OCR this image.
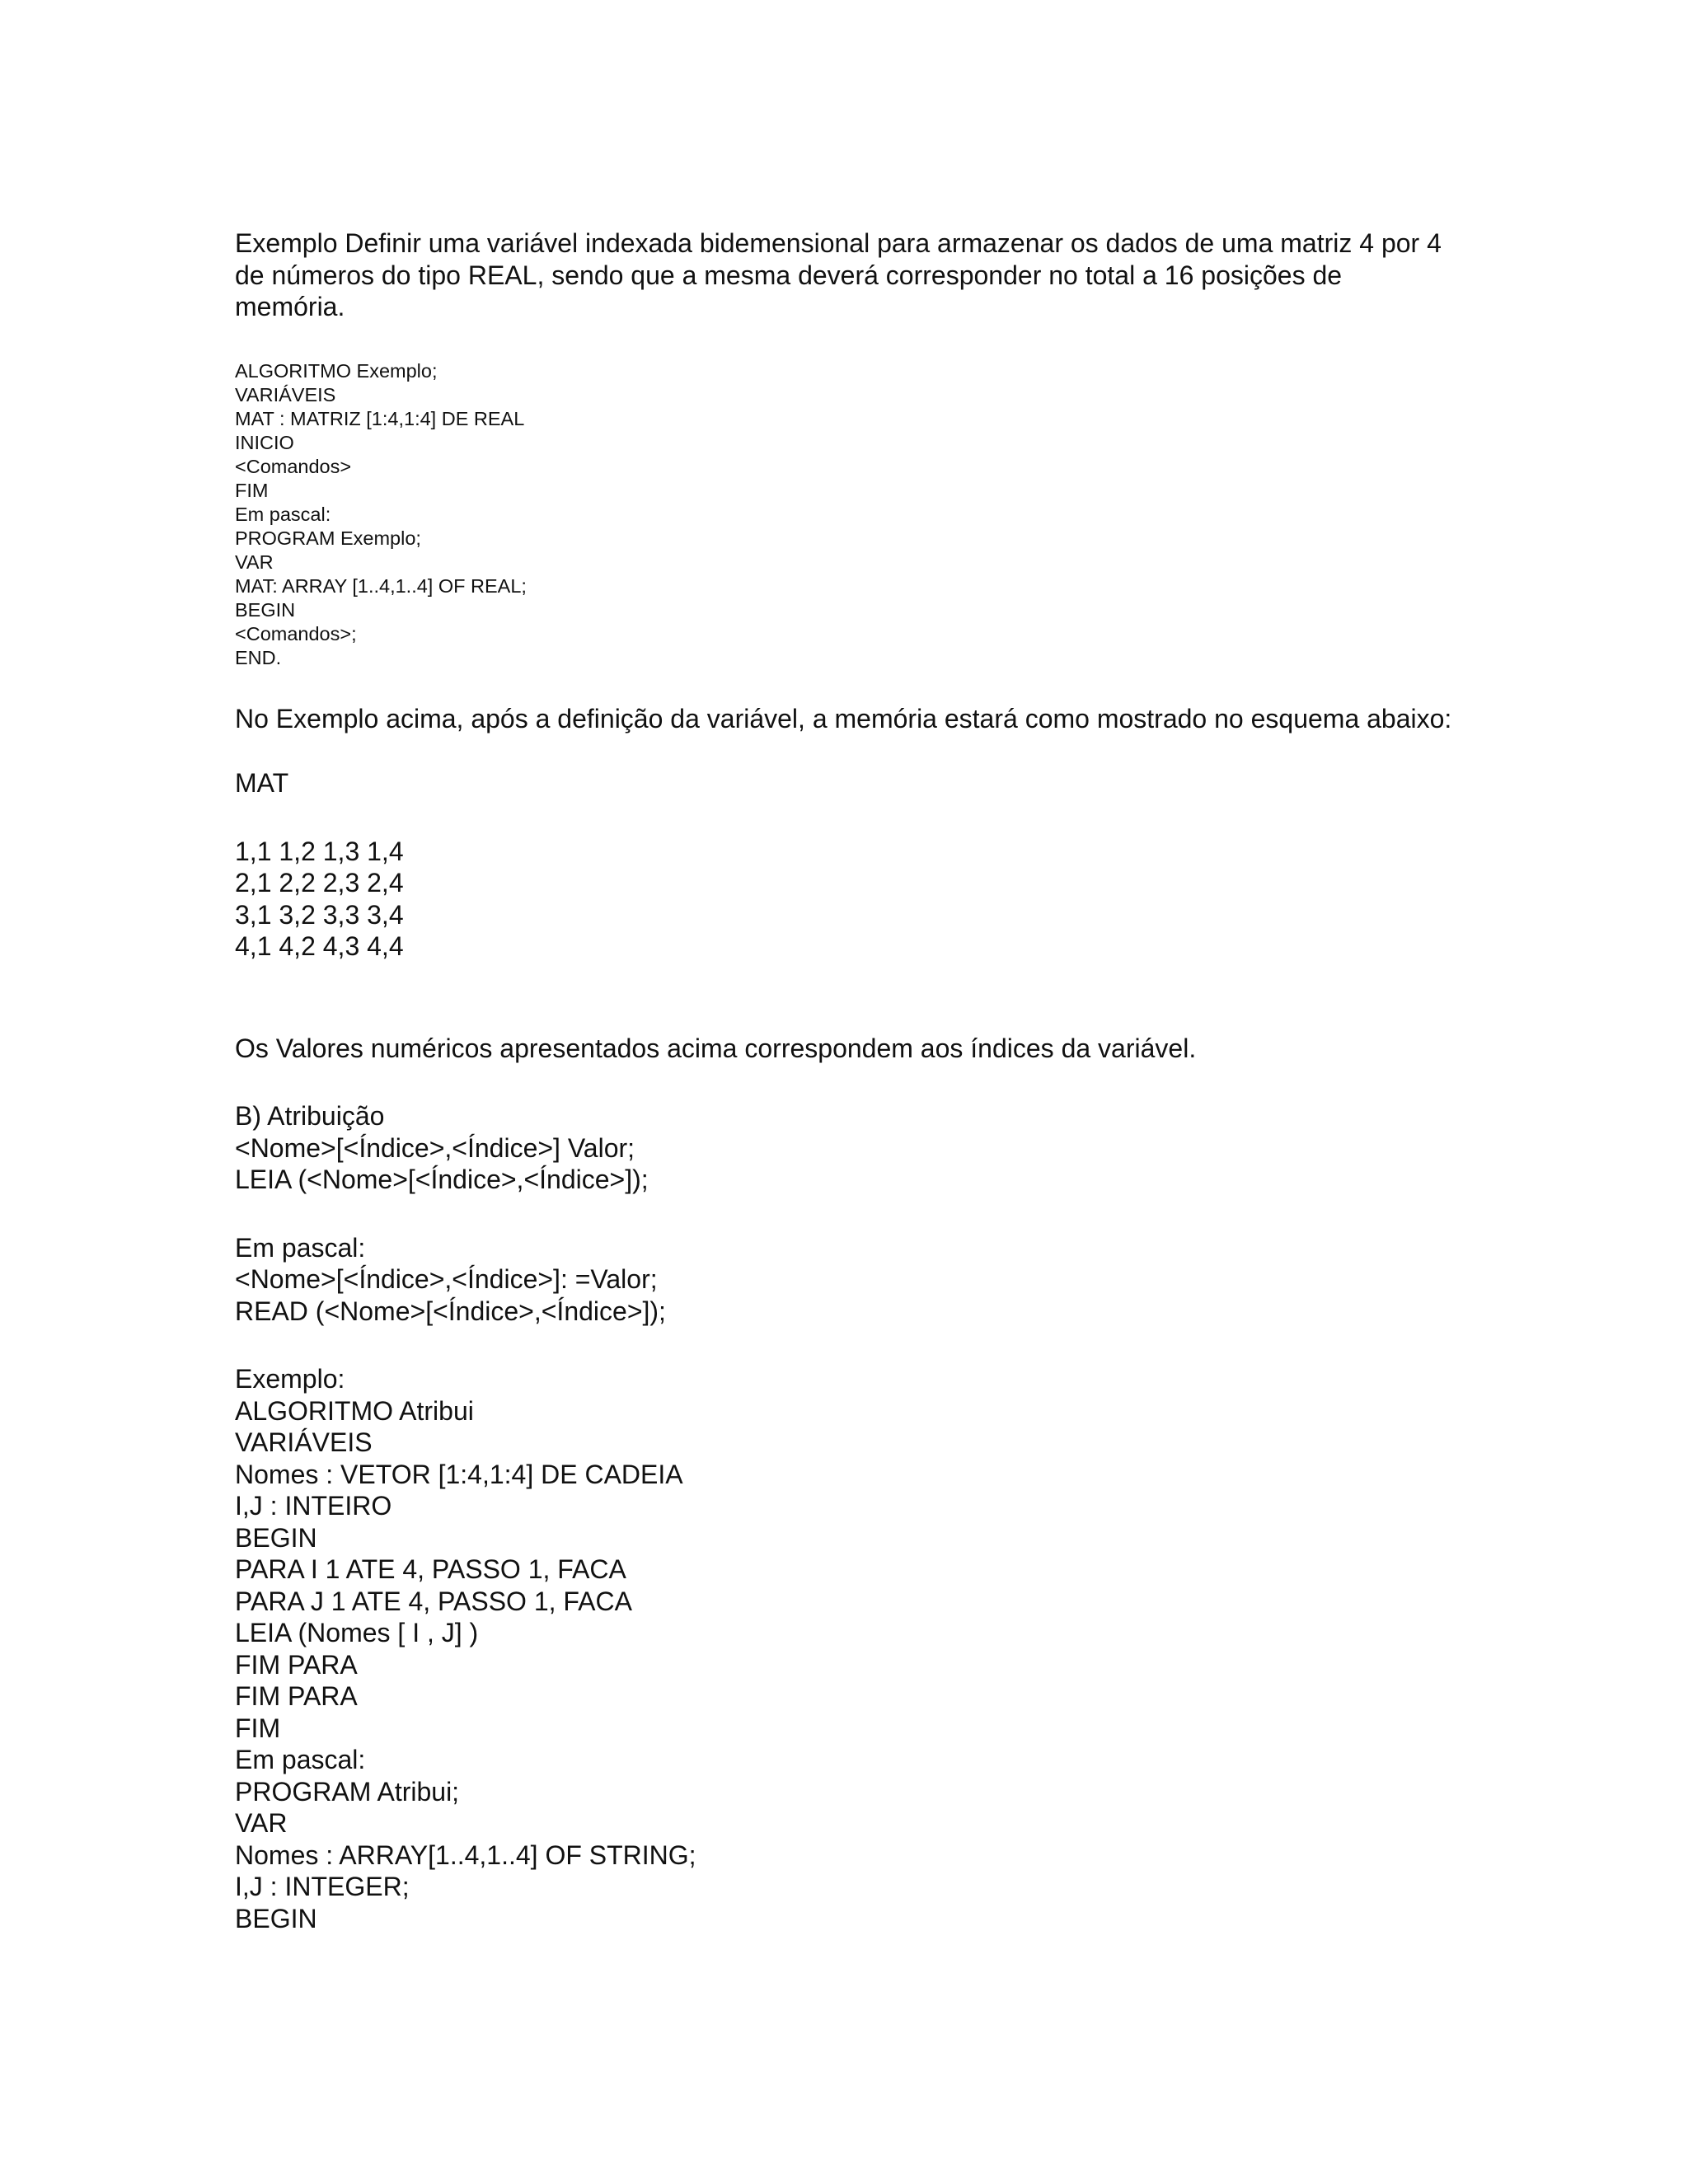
Exemplo Definir uma variável indexada bidemensional para armazenar os dados de uma matriz 4 por 4 de números do tipo REAL, sendo que a mesma deverá corresponder no total a 16 posições de memória.

ALGORITMO Exemplo;
VARIÁVEIS
MAT : MATRIZ [1:4,1:4] DE REAL
INICIO
<Comandos>
FIM
Em pascal:
PROGRAM Exemplo;
VAR
MAT: ARRAY [1..4,1..4] OF REAL;
BEGIN
<Comandos>;
END.

No Exemplo acima, após a definição da variável, a memória estará como mostrado no esquema abaixo:

MAT
1,1 1,2 1,3 1,4
2,1 2,2 2,3 2,4
3,1 3,2 3,3 3,4
4,1 4,2 4,3 4,4

Os Valores numéricos apresentados acima correspondem aos índices da variável.

B) Atribuição
<Nome>[<Índice>,<Índice>] Valor;
LEIA (<Nome>[<Índice>,<Índice>]);
Em pascal:
<Nome>[<Índice>,<Índice>]: =Valor;
READ (<Nome>[<Índice>,<Índice>]);
Exemplo:
ALGORITMO Atribui
VARIÁVEIS
Nomes : VETOR [1:4,1:4] DE CADEIA
I,J : INTEIRO
BEGIN
PARA I 1 ATE 4, PASSO 1, FACA
PARA J 1 ATE 4, PASSO 1, FACA
LEIA (Nomes [ I , J] )
FIM PARA
FIM PARA
FIM
Em pascal:
PROGRAM Atribui;
VAR
Nomes : ARRAY[1..4,1..4] OF STRING;
I,J : INTEGER;
BEGIN
